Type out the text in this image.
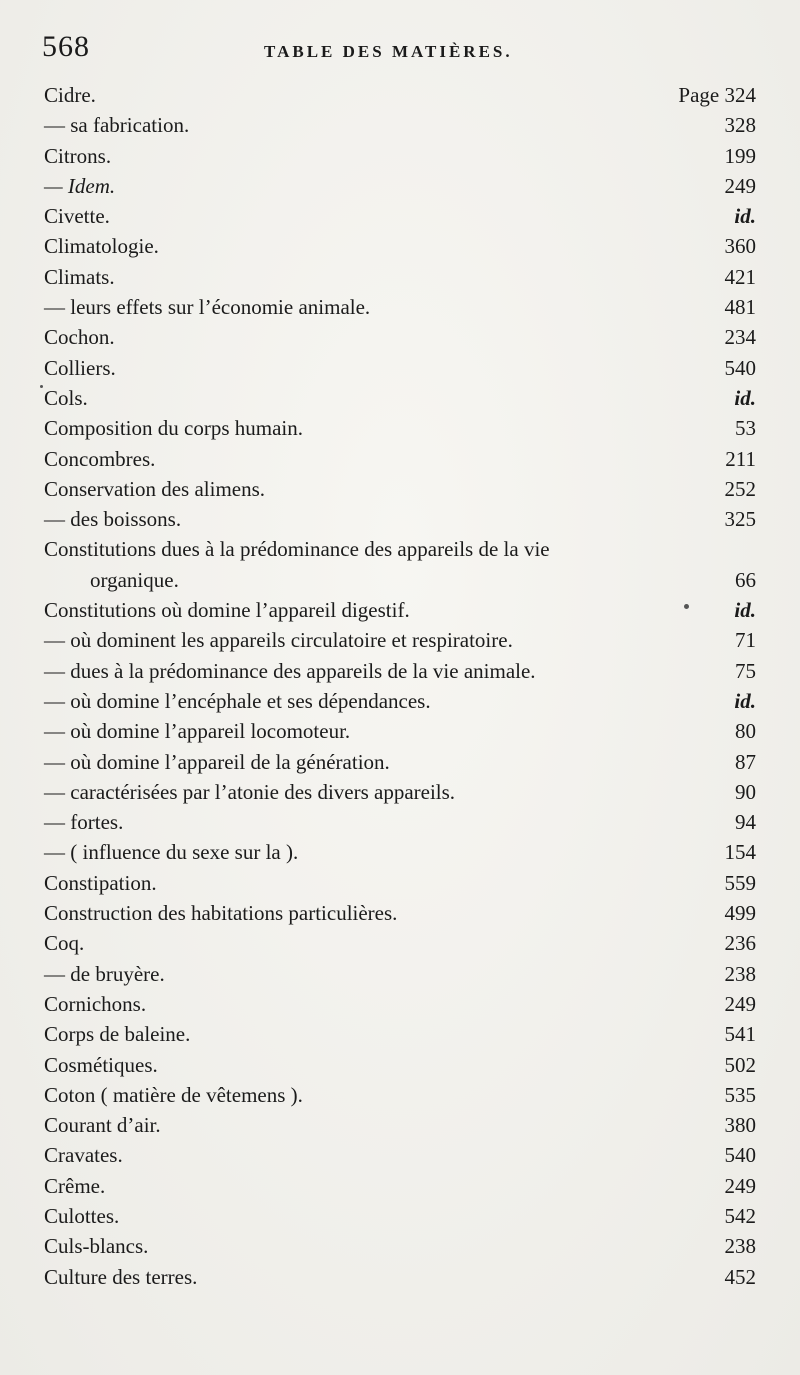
568	TABLE DES MATIÈRES.
Cidre.	Page 324
— sa fabrication.	328
Citrons.	199
— Idem.	249
Civette.	id.
Climatologie.	360
Climats.	421
— leurs effets sur l’économie animale.	481
Cochon.	234
Colliers.	540
Cols.	id.
Composition du corps humain.	53
Concombres.	211
Conservation des alimens.	252
— des boissons.	325
Constitutions dues à la prédominance des appareils de la vie
organique.	66
Constitutions où domine l’appareil digestif.	id.
— où dominent les appareils circulatoire et respiratoire.	71
— dues à la prédominance des appareils de la vie animale.	75
— où domine l’encéphale et ses dépendances.	id.
— où domine l’appareil locomoteur.	80
— où domine l’appareil de la génération.	87
— caractérisées par l’atonie des divers appareils.	90
— fortes.	94
— ( influence du sexe sur la ).	154
Constipation.	559
Construction des habitations particulières.	499
Coq.	236
— de bruyère.	238
Cornichons.	249
Corps de baleine.	541
Cosmétiques.	502
Coton ( matière de vêtemens ).	535
Courant d’air.	380
Cravates.	540
Crême.	249
Culottes.	542
Culs-blancs.	238
Culture des terres.	452
